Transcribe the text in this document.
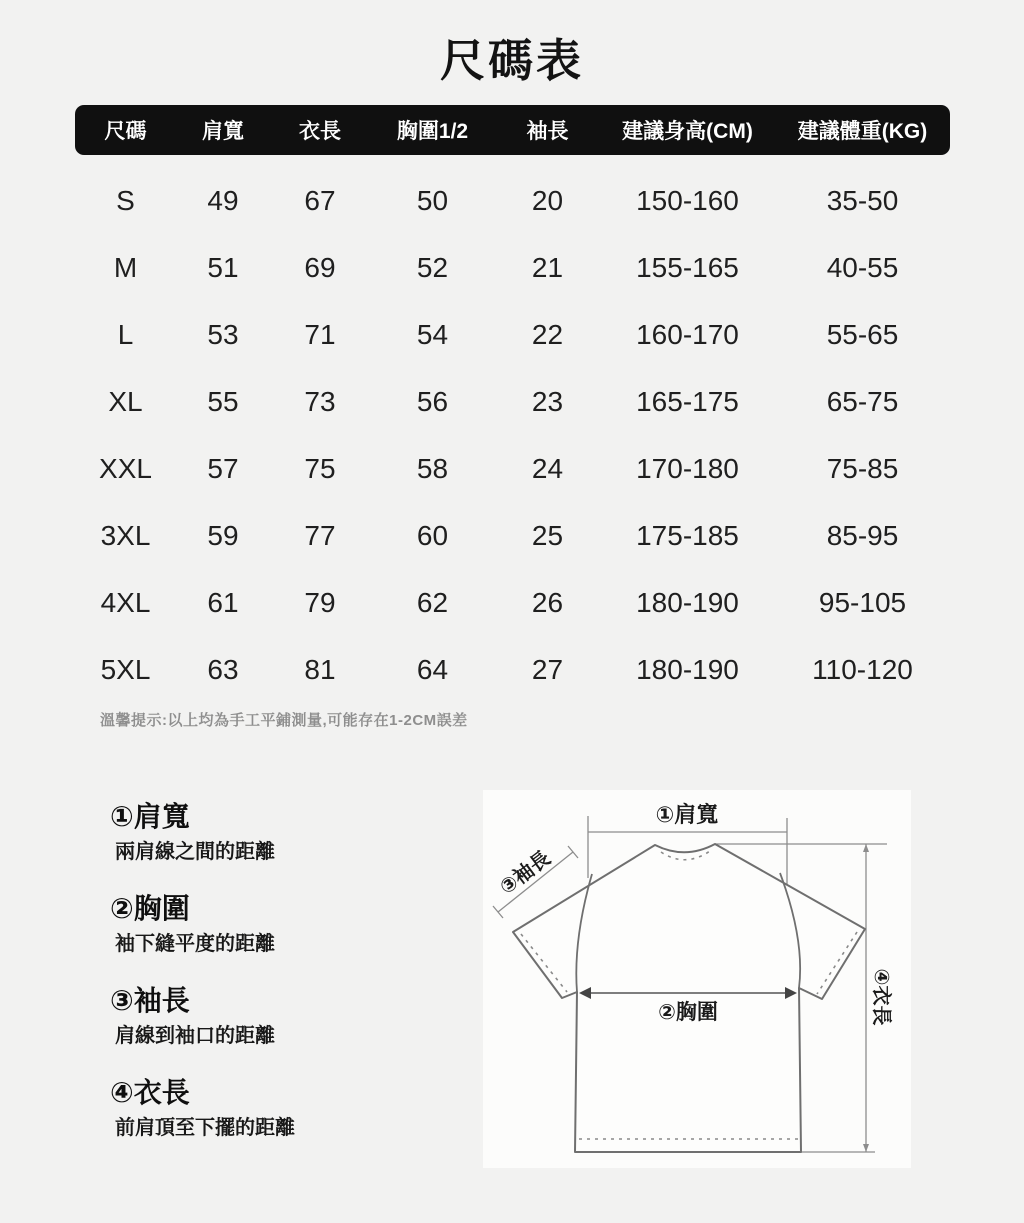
尺碼表
尺碼	肩寬	衣長	胸圍1/2	袖長	建議身高(CM)	建議體重(KG)
S	49	67	50	20	150-160	35-50
M	51	69	52	21	155-165	40-55
L	53	71	54	22	160-170	55-65
XL	55	73	56	23	165-175	65-75
XXL	57	75	58	24	170-180	75-85
3XL	59	77	60	25	175-185	85-95
4XL	61	79	62	26	180-190	95-105
5XL	63	81	64	27	180-190	110-120
溫馨提示:以上均為手工平鋪測量,可能存在1-2CM誤差
①肩寬
兩肩線之間的距離
②胸圍
袖下縫平度的距離
③袖長
肩線到袖口的距離
④衣長
前肩頂至下擺的距離
①肩寬
②胸圍
③袖長
④衣長
